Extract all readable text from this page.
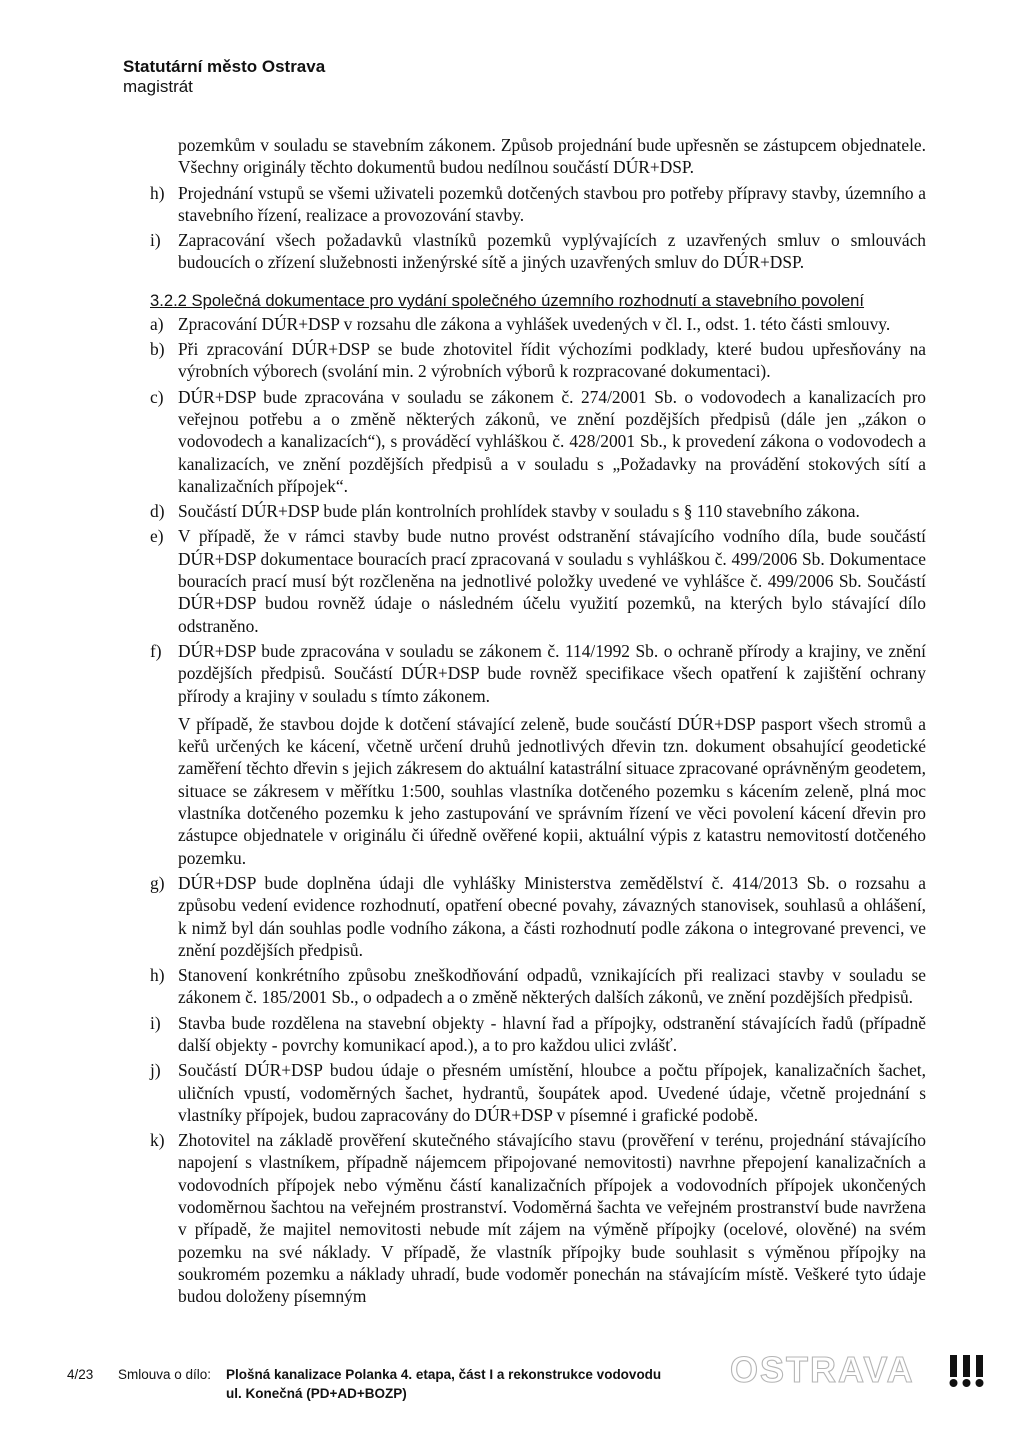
Statutární město Ostrava
magistrát
pozemkům v souladu se stavebním zákonem. Způsob projednání bude upřesněn se zástupcem objednatele. Všechny originály těchto dokumentů budou nedílnou součástí DÚR+DSP.
h) Projednání vstupů se všemi uživateli pozemků dotčených stavbou pro potřeby přípravy stavby, územního a stavebního řízení, realizace a provozování stavby.
i) Zapracování všech požadavků vlastníků pozemků vyplývajících z uzavřených smluv o smlouvách budoucích o zřízení služebnosti inženýrské sítě a jiných uzavřených smluv do DÚR+DSP.
3.2.2 Společná dokumentace pro vydání společného územního rozhodnutí a stavebního povolení
a) Zpracování DÚR+DSP v rozsahu dle zákona a vyhlášek uvedených v čl. I., odst. 1. této části smlouvy.
b) Při zpracování DÚR+DSP se bude zhotovitel řídit výchozími podklady, které budou upřesňovány na výrobních výborech (svolání min. 2 výrobních výborů k rozpracované dokumentaci).
c) DÚR+DSP bude zpracována v souladu se zákonem č. 274/2001 Sb. o vodovodech a kanalizacích pro veřejnou potřebu a o změně některých zákonů, ve znění pozdějších předpisů (dále jen „zákon o vodovodech a kanalizacích“), s prováděcí vyhláškou č. 428/2001 Sb., k provedení zákona o vodovodech a kanalizacích, ve znění pozdějších předpisů a v souladu s „Požadavky na provádění stokových sítí a kanalizačních přípojek“.
d) Součástí DÚR+DSP bude plán kontrolních prohlídek stavby v souladu s § 110 stavebního zákona.
e) V případě, že v rámci stavby bude nutno provést odstranění stávajícího vodního díla, bude součástí DÚR+DSP dokumentace bouracích prací zpracovaná v souladu s vyhláškou č. 499/2006 Sb. Dokumentace bouracích prací musí být rozčleněna na jednotlivé položky uvedené ve vyhlášce č. 499/2006 Sb. Součástí DÚR+DSP budou rovněž údaje o následném účelu využití pozemků, na kterých bylo stávající dílo odstraněno.
f) DÚR+DSP bude zpracována v souladu se zákonem č. 114/1992 Sb. o ochraně přírody a krajiny, ve znění pozdějších předpisů. Součástí DÚR+DSP bude rovněž specifikace všech opatření k zajištění ochrany přírody a krajiny v souladu s tímto zákonem.
V případě, že stavbou dojde k dotčení stávající zeleně, bude součástí DÚR+DSP pasport všech stromů a keřů určených ke kácení, včetně určení druhů jednotlivých dřevin tzn. dokument obsahující geodetické zaměření těchto dřevin s jejich zákresem do aktuální katastrální situace zpracované oprávněným geodetem, situace se zákresem v měřítku 1:500, souhlas vlastníka dotčeného pozemku s kácením zeleně, plná moc vlastníka dotčeného pozemku k jeho zastupování ve správním řízení ve věci povolení kácení dřevin pro zástupce objednatele v originálu či úředně ověřené kopii, aktuální výpis z katastru nemovitostí dotčeného pozemku.
g) DÚR+DSP bude doplněna údaji dle vyhlášky Ministerstva zemědělství č. 414/2013 Sb. o rozsahu a způsobu vedení evidence rozhodnutí, opatření obecné povahy, závazných stanovisek, souhlasů a ohlášení, k nimž byl dán souhlas podle vodního zákona, a části rozhodnutí podle zákona o integrované prevenci, ve znění pozdějších předpisů.
h) Stanovení konkrétního způsobu zneškodňování odpadů, vznikajících při realizaci stavby v souladu se zákonem č. 185/2001 Sb., o odpadech a o změně některých dalších zákonů, ve znění pozdějších předpisů.
i) Stavba bude rozdělena na stavební objekty - hlavní řad a přípojky, odstranění stávajících řadů (případně další objekty - povrchy komunikací apod.), a to pro každou ulici zvlášť.
j) Součástí DÚR+DSP budou údaje o přesném umístění, hloubce a počtu přípojek, kanalizačních šachet, uličních vpustí, vodoměrných šachet, hydrantů, šoupátek apod. Uvedené údaje, včetně projednání s vlastníky přípojek, budou zapracovány do DÚR+DSP v písemné i grafické podobě.
k) Zhotovitel na základě prověření skutečného stávajícího stavu (prověření v terénu, projednání stávajícího napojení s vlastníkem, případně nájemcem připojované nemovitosti) navrhne přepojení kanalizačních a vodovodních přípojek nebo výměnu částí kanalizačních přípojek a vodovodních přípojek ukončených vodoměrnou šachtou na veřejném prostranství. Vodoměrná šachta ve veřejném prostranství bude navržena v případě, že majitel nemovitosti nebude mít zájem na výměně přípojky (ocelové, olověné) na svém pozemku na své náklady. V případě, že vlastník přípojky bude souhlasit s výměnou přípojky na soukromém pozemku a náklady uhradí, bude vodoměr ponechán na stávajícím místě. Veškeré tyto údaje budou doloženy písemným
4/23 Smlouva o dílo: Plošná kanalizace Polanka 4. etapa, část I a rekonstrukce vodovodu
ul. Konečná (PD+AD+BOZP)
OSTRAVA
